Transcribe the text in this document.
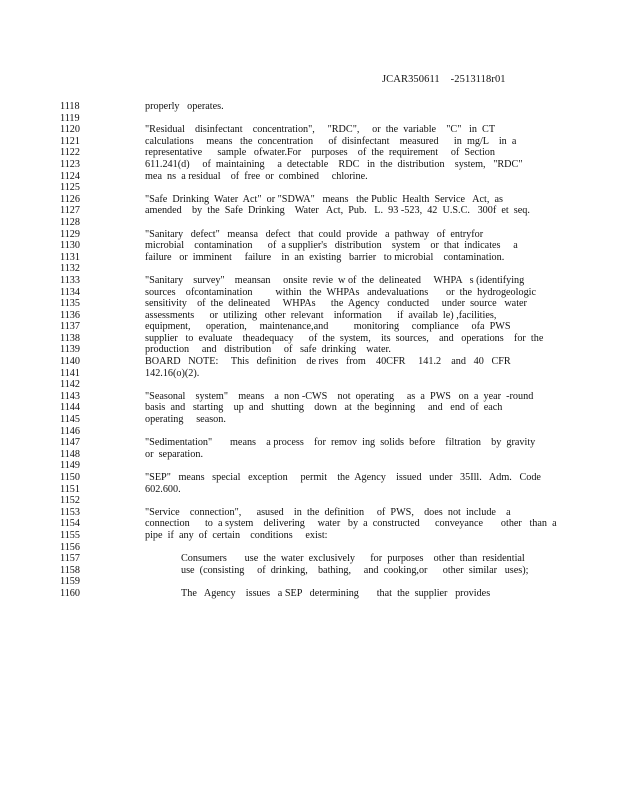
JCAR350611    -2513118r01
1118	properly   operates.
1119
1120	"Residual    disinfectant    concentration",     "RDC",     or  the  variable    "C"   in  CT
1121	calculations     means   the  concentration      of  disinfectant    measured      in  mg/L    in  a
1122	representative      sample   ofwater.For    purposes    of  the  requirement     of  Section
1123	611.241(d)     of  maintaining     a  detectable    RDC   in  the  distribution    system,   "RDC"
1124	mea  ns  a residual    of  free  or  combined     chlorine.
1125
1126	"Safe  Drinking  Water  Act"  or "SDWA"   means   the Public  Health  Service   Act,  as
1127	amended    by  the  Safe  Drinking    Water   Act,  Pub.   L.  93 -523,  42  U.S.C.   300f  et  seq.
1128
1129	"Sanitary   defect"   meansa   defect   that  could  provide   a  pathway   of  entryfor
1130	microbial    contamination      of  a supplier's   distribution    system    or  that  indicates     a
1131	failure   or  imminent     failure    in  an  existing   barrier   to microbial    contamination.
1132
1133	"Sanitary    survey"    meansan     onsite  revie  w of  the  delineated     WHPA   s (identifying
1134	sources    ofcontamination         within   the  WHPAs   andevaluations       or  the  hydrogeologic
1135	sensitivity    of  the  delineated     WHPAs      the  Agency   conducted     under  source   water
1136	assessments      or  utilizing   other  relevant    information      if  availab  le) ,facilities,
1137	equipment,      operation,     maintenance,and          monitoring     compliance     ofa  PWS
1138	supplier   to  evaluate    theadequacy      of  the  system,    its  sources,    and   operations    for  the
1139	production     and   distribution     of   safe  drinking    water.
1140	BOARD   NOTE:     This   definition    de rives   from    40CFR     141.2    and   40   CFR
1141	142.16(o)(2).
1142
1143	"Seasonal    system"    means    a  non -CWS    not  operating     as  a  PWS   on  a  year  -round
1144	basis  and   starting    up  and   shutting    down   at  the  beginning     and   end  of  each
1145	operating     season.
1146
1147	"Sedimentation"       means    a process    for  remov  ing  solids  before    filtration    by  gravity
1148	or  separation.
1149
1150	"SEP"   means   special   exception     permit    the  Agency    issued   under   35Ill.   Adm.   Code
1151	602.600.
1152
1153	"Service    connection",      asused    in  the  definition     of  PWS,    does  not  include    a
1154	connection      to  a system    delivering     water   by  a  constructed      conveyance       other   than  a
1155	pipe  if  any  of  certain    conditions     exist:
1156
1157	Consumers       use  the  water  exclusively      for  purposes    other  than  residential
1158	use  (consisting     of  drinking,    bathing,     and  cooking,or      other  similar   uses);
1159
1160	The   Agency    issues   a SEP   determining       that  the  supplier   provides
